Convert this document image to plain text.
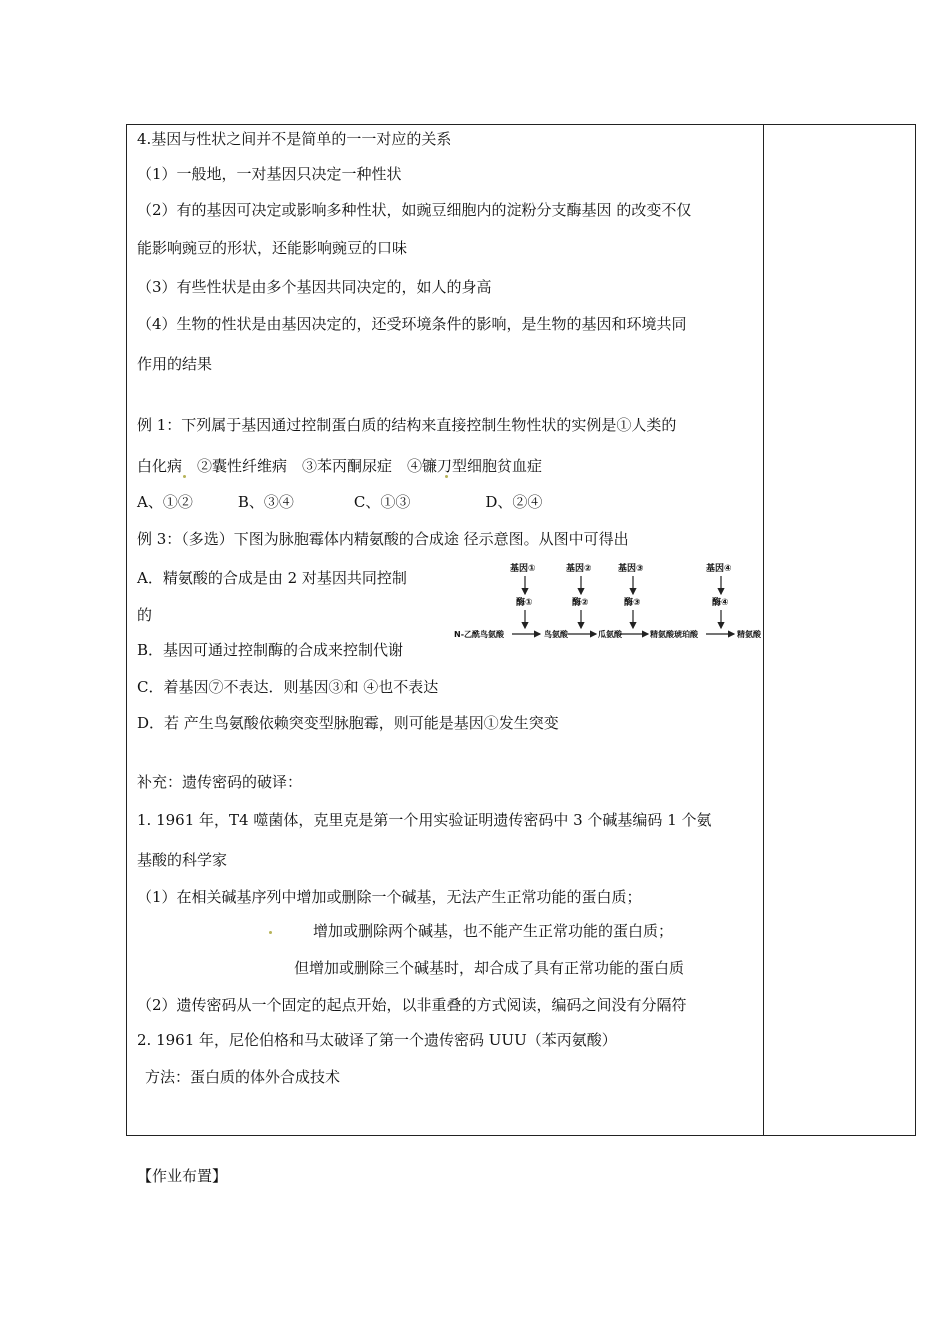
4.基因与性状之间并不是简单的一一对应的关系
（1）一般地，一对基因只决定一种性状
（2）有的基因可决定或影响多种性状，如豌豆细胞内的淀粉分支酶基因 的改变不仅
能影响豌豆的形状，还能影响豌豆的口味
（3）有些性状是由多个基因共同决定的，如人的身高
（4）生物的性状是由基因决定的，还受环境条件的影响，是生物的基因和环境共同
作用的结果
例 1：下列属于基因通过控制蛋白质的结构来直接控制生物性状的实例是①人类的
白化病　②囊性纤维病　③苯丙酮尿症　④镰刀型细胞贫血症
A、①②　　　B、③④　　　　C、①③　　　　　D、②④
例 3：（多选）下图为脉胞霉体内精氨酸的合成途 径示意图。从图中可得出
A．精氨酸的合成是由 2 对基因共同控制
的
B．基因可通过控制酶的合成来控制代谢
C．着基因⑦不表达．则基因③和 ④也不表达
D．若 产生鸟氨酸依赖突变型脉胞霉，则可能是基因①发生突变
基因①	基因②	基因③	基因④
酶①	酶②	酶③	酶④
N-乙酰鸟氨酸	鸟氨酸	瓜氨酸	精氨酸琥珀酸	精氨酸
补充：遗传密码的破译：
1. 1961 年，T4 噬菌体，克里克是第一个用实验证明遗传密码中 3 个碱基编码 1 个氨
基酸的科学家
（1）在相关碱基序列中增加或删除一个碱基，无法产生正常功能的蛋白质；
增加或删除两个碱基，也不能产生正常功能的蛋白质；
但增加或删除三个碱基时，却合成了具有正常功能的蛋白质
（2）遗传密码从一个固定的起点开始，以非重叠的方式阅读，编码之间没有分隔符
2. 1961 年，尼伦伯格和马太破译了第一个遗传密码 UUU（苯丙氨酸）
方法：蛋白质的体外合成技术
【作业布置】
